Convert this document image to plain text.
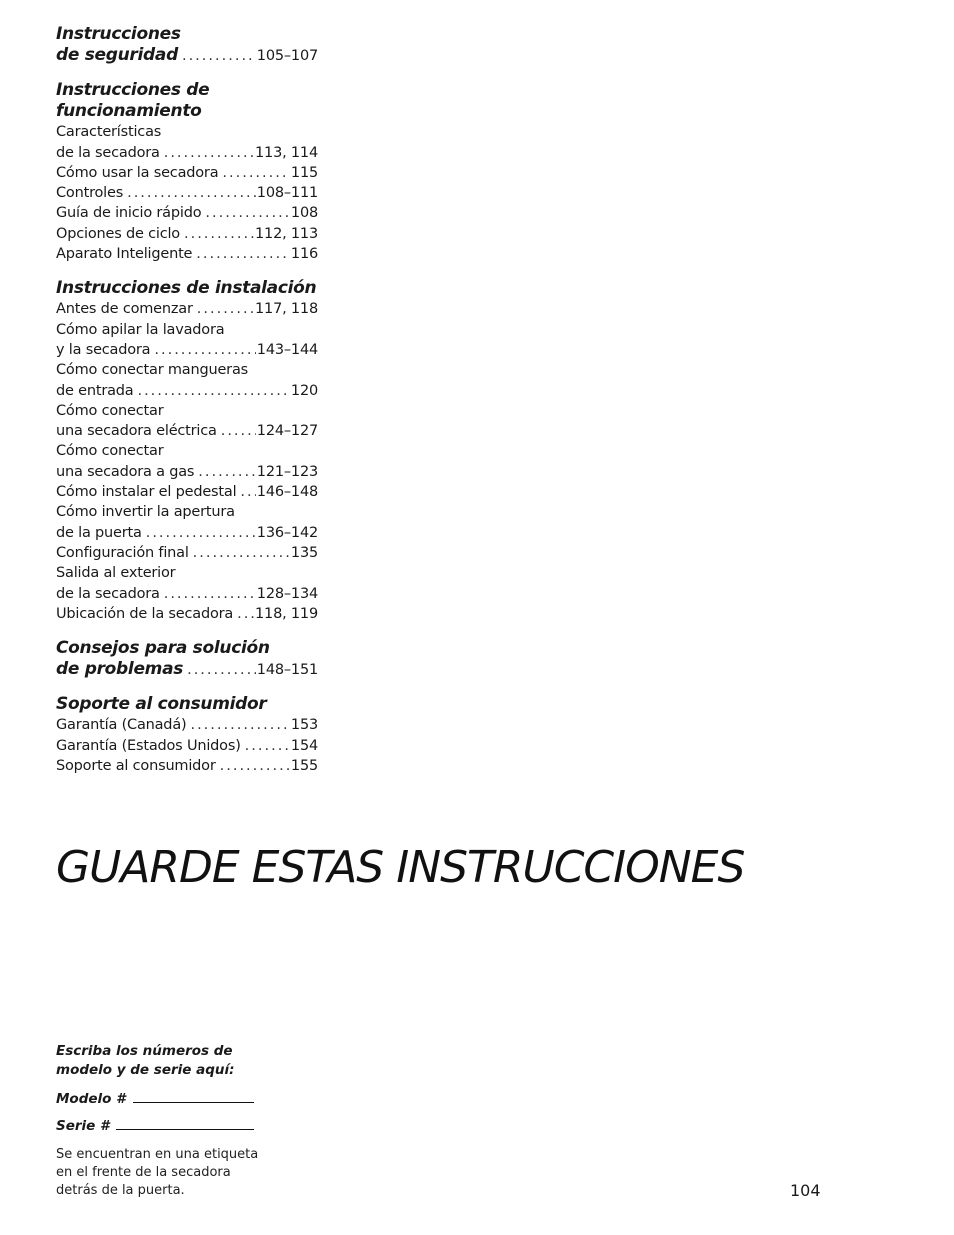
Instrucciones
de seguridad .....	105–107
Instrucciones de funcionamiento
Características
de la secadora .....	113, 114
Cómo usar la secadora .....	115
Controles .....	108–111
Guía de inicio rápido .....	108
Opciones de ciclo .....	112, 113
Aparato Inteligente .....	116
Instrucciones de instalación
Antes de comenzar .....	117, 118
Cómo apilar la lavadora
y la secadora .....	143–144
Cómo conectar mangueras
de entrada .....	120
Cómo conectar
una secadora eléctrica .....	124–127
Cómo conectar
una secadora a gas .....	121–123
Cómo instalar el pedestal ..... 146–148
Cómo invertir la apertura
de la puerta .....	136–142
Configuración final .....	135
Salida al exterior
de la secadora .....	128–134
Ubicación de la secadora ..... 118, 119
Consejos para solución
de problemas .....	148–151
Soporte al consumidor
Garantía (Canadá) .....	153
Garantía (Estados Unidos) .....	154
Soporte al consumidor .....	155
GUARDE ESTAS INSTRUCCIONES
Escriba los números de
modelo y de serie aquí:
Modelo #
Serie #
Se encuentran en una etiqueta
en el frente de la secadora
detrás de la puerta.	104
